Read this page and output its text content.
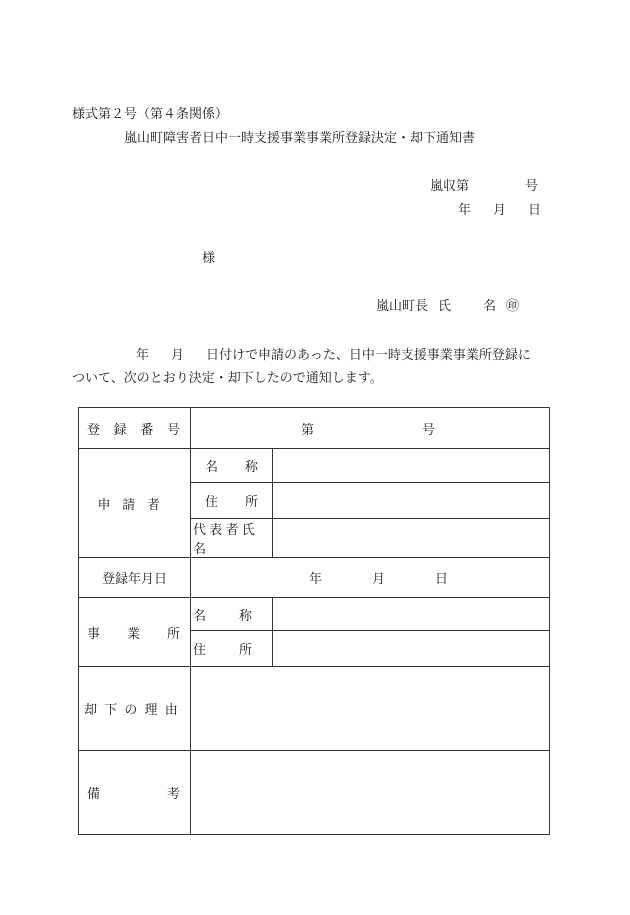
様式第２号（第４条関係）
嵐山町障害者日中一時支援事業事業所登録決定・却下通知書
嵐収第	号
年 月 日
様
嵐山町長 氏 名 ㊞
年 月 日付けで申請のあった、日中一時支援事業事業所登録に
ついて、次のとおり決定・却下したので通知します。
登 録 番 号	第 号	

申請者	名 称	

	住 所	

	代表者氏名	
登録年月日	年 月 日	

事 業 所	名 称	

	住 所	

却下の理由		

備 考		
